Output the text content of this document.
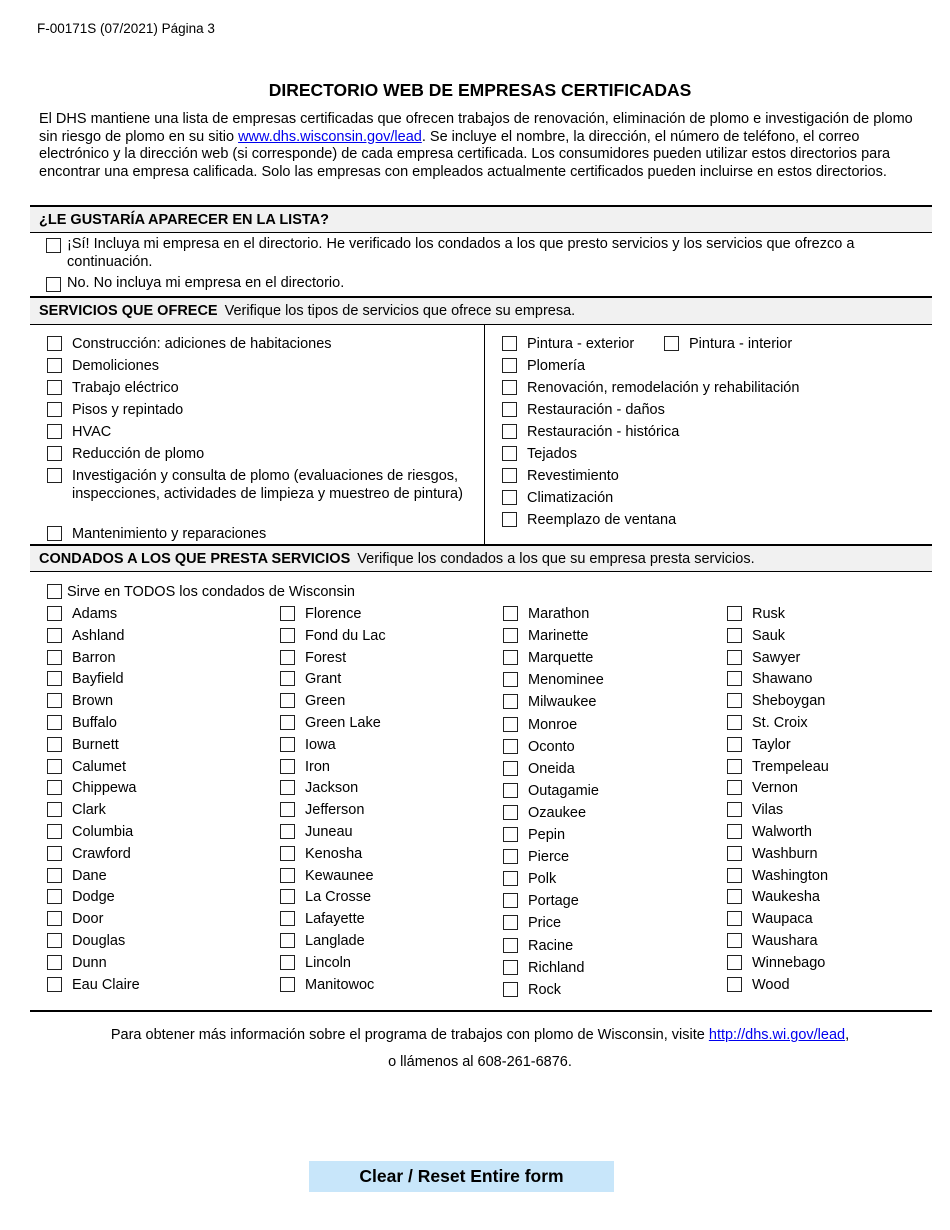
F-00171S (07/2021) Página 3
DIRECTORIO WEB DE EMPRESAS CERTIFICADAS
El DHS mantiene una lista de empresas certificadas que ofrecen trabajos de renovación, eliminación de plomo e investigación de plomo sin riesgo de plomo en su sitio www.dhs.wisconsin.gov/lead. Se incluye el nombre, la dirección, el número de teléfono, el correo electrónico y la dirección web (si corresponde) de cada empresa certificada. Los consumidores pueden utilizar estos directorios para encontrar una empresa calificada. Solo las empresas con empleados actualmente certificados pueden incluirse en estos directorios.
¿LE GUSTARÍA APARECER EN LA LISTA?
¡Sí! Incluya mi empresa en el directorio. He verificado los condados a los que presto servicios y los servicios que ofrezco a continuación.
No. No incluya mi empresa en el directorio.
SERVICIOS QUE OFRECE Verifique los tipos de servicios que ofrece su empresa.
Construcción: adiciones de habitaciones
Demoliciones
Trabajo eléctrico
Pisos y repintado
HVAC
Reducción de plomo
Investigación y consulta de plomo (evaluaciones de riesgos, inspecciones, actividades de limpieza y muestreo de pintura)
Mantenimiento y reparaciones
Pintura - exterior	Pintura - interior
Plomería
Renovación, remodelación y rehabilitación
Restauración - daños
Restauración - histórica
Tejados
Revestimiento
Climatización
Reemplazo de ventana
CONDADOS A LOS QUE PRESTA SERVICIOS Verifique los condados a los que su empresa presta servicios.
Sirve en TODOS los condados de Wisconsin
Adams
Ashland
Barron
Bayfield
Brown
Buffalo
Burnett
Calumet
Chippewa
Clark
Columbia
Crawford
Dane
Dodge
Door
Douglas
Dunn
Eau Claire
Florence
Fond du Lac
Forest
Grant
Green
Green Lake
Iowa
Iron
Jackson
Jefferson
Juneau
Kenosha
Kewaunee
La Crosse
Lafayette
Langlade
Lincoln
Manitowoc
Marathon
Marinette
Marquette
Menominee
Milwaukee
Monroe
Oconto
Oneida
Outagamie
Ozaukee
Pepin
Pierce
Polk
Portage
Price
Racine
Richland
Rock
Rusk
Sauk
Sawyer
Shawano
Sheboygan
St. Croix
Taylor
Trempeleau
Vernon
Vilas
Walworth
Washburn
Washington
Waukesha
Waupaca
Waushara
Winnebago
Wood
Para obtener más información sobre el programa de trabajos con plomo de Wisconsin, visite http://dhs.wi.gov/lead,
o llámenos al 608-261-6876.
Clear / Reset Entire form
